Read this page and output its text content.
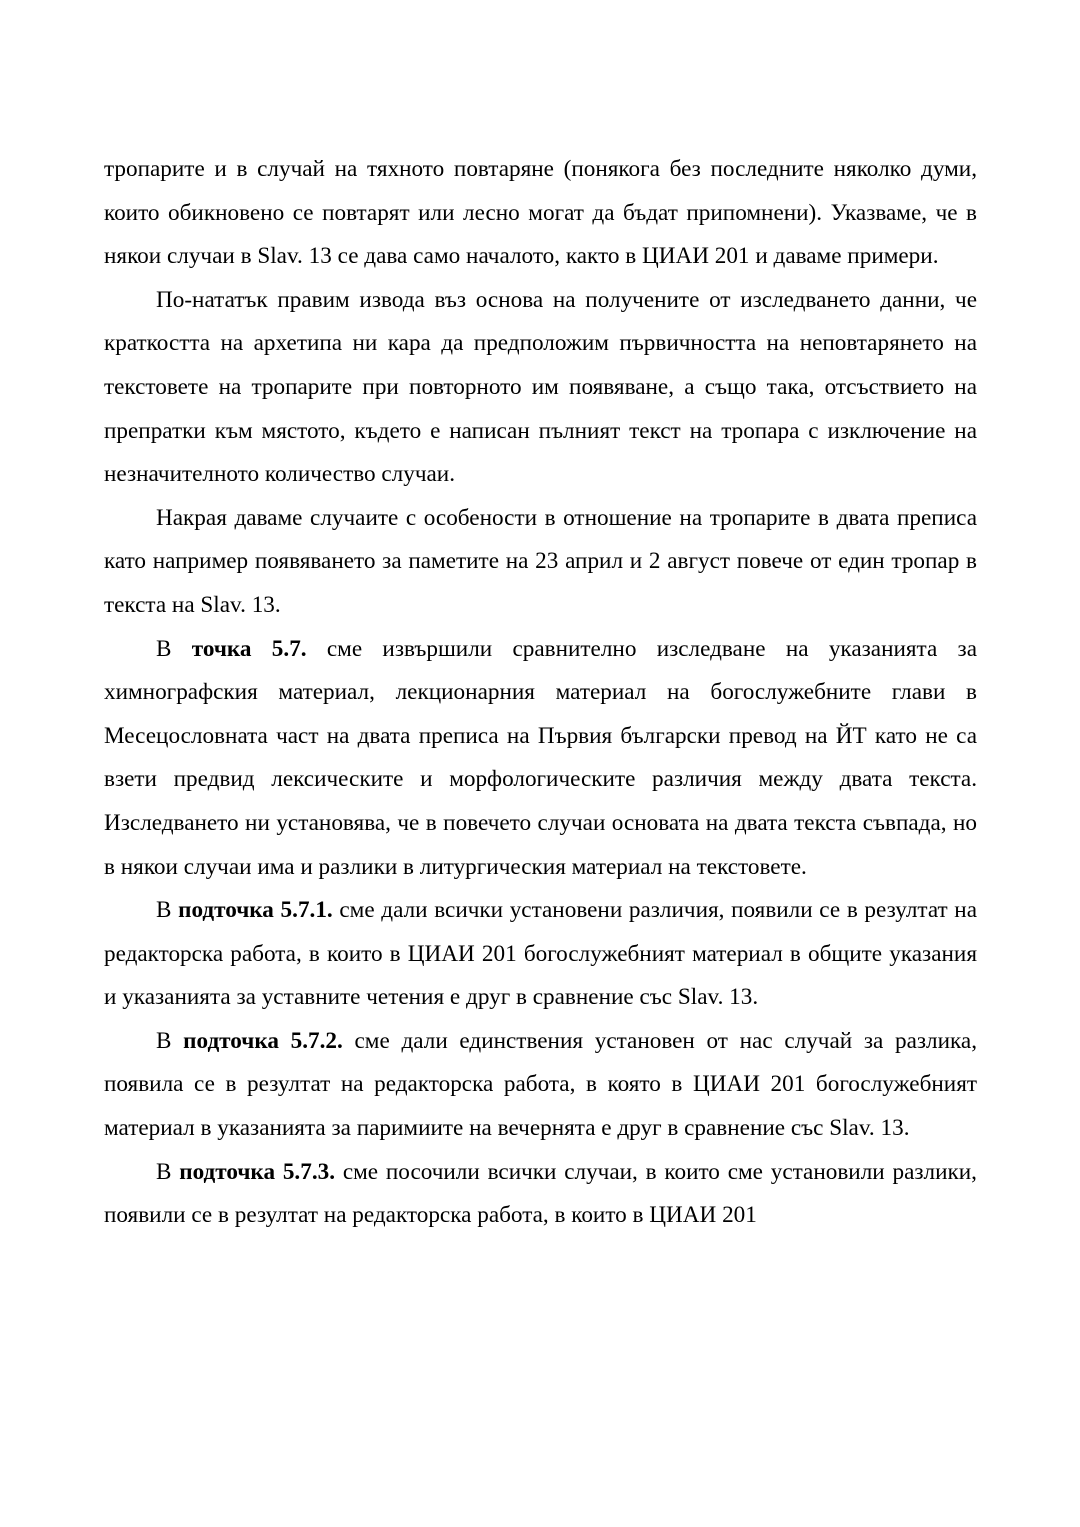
тропарите и в случай на тяхното повтаряне (понякога без последните няколко думи, които обикновено се повтарят или лесно могат да бъдат припомнени). Указваме, че в някои случаи в Slav. 13 се дава само началото, както в ЦИАИ 201 и даваме примери.

По-нататък правим извода въз основа на получените от изследването данни, че краткостта на архетипа ни кара да предположим първичността на неповтарянето на текстовете на тропарите при повторното им появяване, а също така, отсъствието на препратки към мястото, където е написан пълният текст на тропара с изключение на незначителното количество случаи.

Накрая даваме случаите с особености в отношение на тропарите в двата преписа като например появяването за паметите на 23 април и 2 август повече от един тропар в текста на Slav. 13.

В точка 5.7. сме извършили сравнително изследване на указанията за химнографския материал, лекционарния материал на богослужебните глави в Месецословната част на двата преписа на Първия български превод на ЙТ като не са взети предвид лексическите и морфологическите различия между двата текста. Изследването ни установява, че в повечето случаи основата на двата текста съвпада, но в някои случаи има и разлики в литургическия материал на текстовете.

В подточка 5.7.1. сме дали всички установени различия, появили се в резултат на редакторска работа, в които в ЦИАИ 201 богослужебният материал в общите указания и указанията за уставните четения е друг в сравнение със Slav. 13.

В подточка 5.7.2. сме дали единствения установен от нас случай за разлика, появила се в резултат на редакторска работа, в която в ЦИАИ 201 богослужебният материал в указанията за паримиите на вечернята е друг в сравнение със Slav. 13.

В подточка 5.7.3. сме посочили всички случаи, в които сме установили разлики, появили се в резултат на редакторска работа, в които в ЦИАИ 201
